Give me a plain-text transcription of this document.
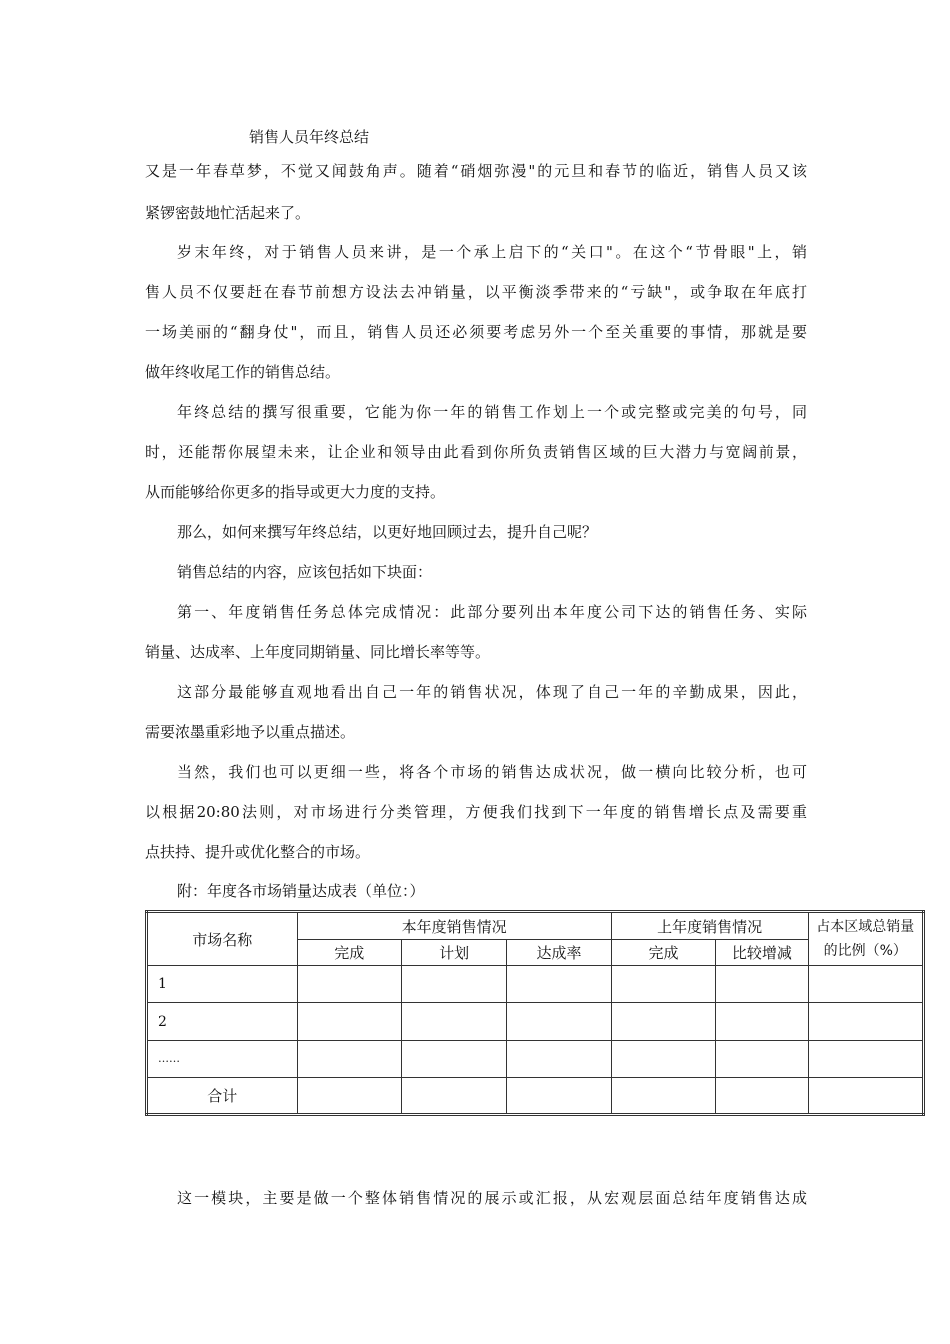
销售人员年终总结
又是一年春草梦，不觉又闻鼓角声。随着“硝烟弥漫"的元旦和春节的临近，销售人员又该
紧锣密鼓地忙活起来了。
岁末年终，对于销售人员来讲，是一个承上启下的“关口"。在这个“节骨眼"上，销
售人员不仅要赶在春节前想方设法去冲销量，以平衡淡季带来的“亏缺"，或争取在年底打
一场美丽的“翻身仗"，而且，销售人员还必须要考虑另外一个至关重要的事情，那就是要
做年终收尾工作的销售总结。
年终总结的撰写很重要，它能为你一年的销售工作划上一个或完整或完美的句号，同
时，还能帮你展望未来，让企业和领导由此看到你所负责销售区域的巨大潜力与宽阔前景，
从而能够给你更多的指导或更大力度的支持。
那么，如何来撰写年终总结，以更好地回顾过去，提升自己呢？
销售总结的内容，应该包括如下块面：
第一、年度销售任务总体完成情况：此部分要列出本年度公司下达的销售任务、实际
销量、达成率、上年度同期销量、同比增长率等等。
这部分最能够直观地看出自己一年的销售状况，体现了自己一年的辛勤成果，因此，
需要浓墨重彩地予以重点描述。
当然，我们也可以更细一些，将各个市场的销售达成状况，做一横向比较分析，也可
以根据20:80法则，对市场进行分类管理，方便我们找到下一年度的销售增长点及需要重
点扶持、提升或优化整合的市场。
附：年度各市场销量达成表（单位：）
市场名称	本年度销售情况			上年度销售情况		占本区域总销量
的比例（%）

	完成	计划	达成率	完成	比较增减	
1						
2						
……						
合计						
这一模块，主要是做一个整体销售情况的展示或汇报，从宏观层面总结年度销售达成
